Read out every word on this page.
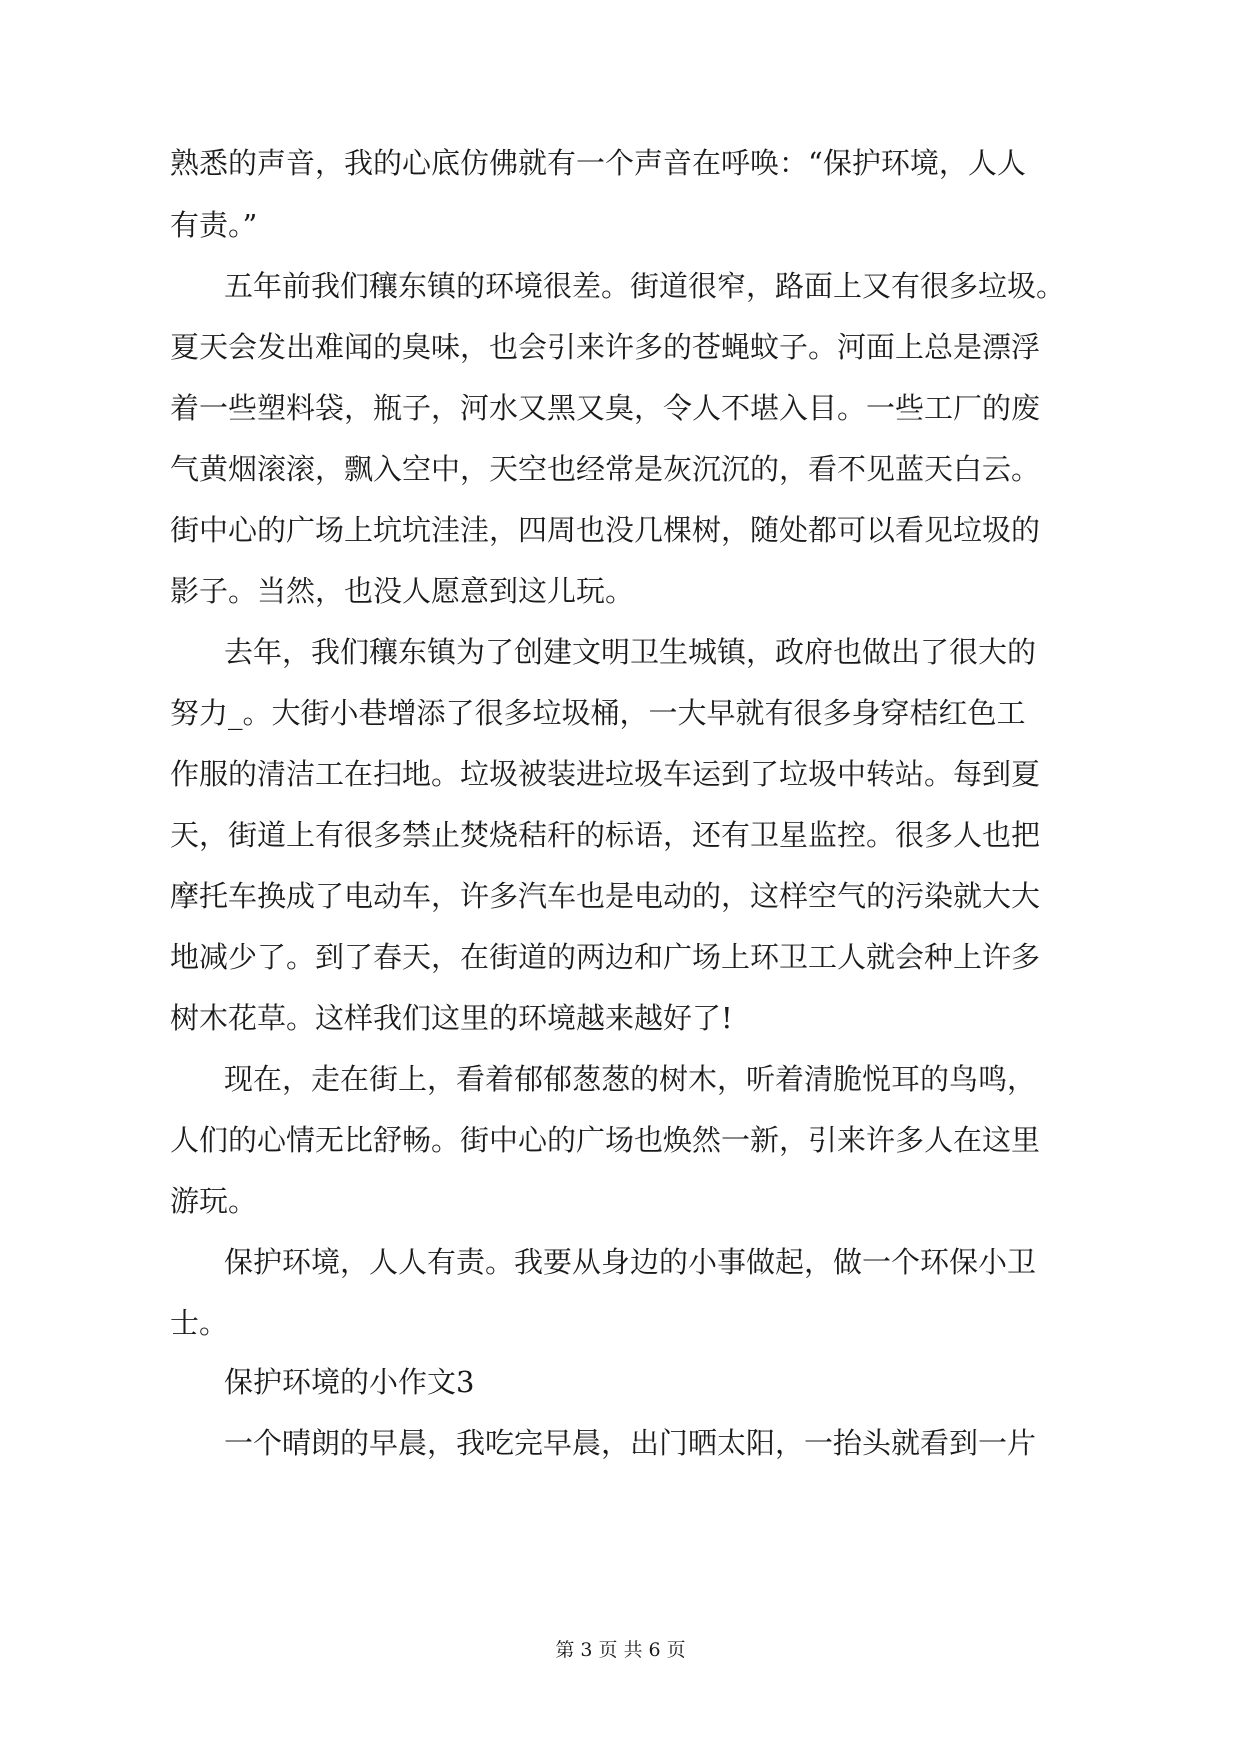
熟悉的声音，我的心底仿佛就有一个声音在呼唤：“保护环境，人人
有责。”
五年前我们穰东镇的环境很差。街道很窄，路面上又有很多垃圾。
夏天会发出难闻的臭味，也会引来许多的苍蝇蚊子。河面上总是漂浮
着一些塑料袋，瓶子，河水又黑又臭，令人不堪入目。一些工厂的废
气黄烟滚滚，飘入空中，天空也经常是灰沉沉的，看不见蓝天白云。
街中心的广场上坑坑洼洼，四周也没几棵树，随处都可以看见垃圾的
影子。当然，也没人愿意到这儿玩。
去年，我们穰东镇为了创建文明卫生城镇，政府也做出了很大的
努力_。大街小巷增添了很多垃圾桶，一大早就有很多身穿桔红色工
作服的清洁工在扫地。垃圾被装进垃圾车运到了垃圾中转站。每到夏
天，街道上有很多禁止焚烧秸秆的标语，还有卫星监控。很多人也把
摩托车换成了电动车，许多汽车也是电动的，这样空气的污染就大大
地减少了。到了春天，在街道的两边和广场上环卫工人就会种上许多
树木花草。这样我们这里的环境越来越好了!
现在，走在街上，看着郁郁葱葱的树木，听着清脆悦耳的鸟鸣，
人们的心情无比舒畅。街中心的广场也焕然一新，引来许多人在这里
游玩。
保护环境，人人有责。我要从身边的小事做起，做一个环保小卫
士。
保护环境的小作文3
一个晴朗的早晨，我吃完早晨，出门晒太阳，一抬头就看到一片
第 3 页 共 6 页
